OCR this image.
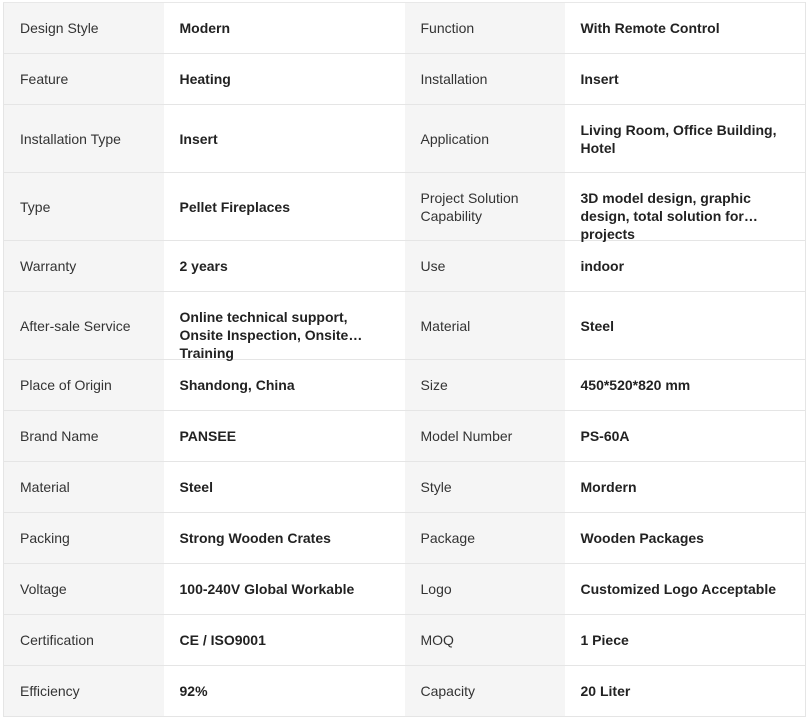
Design Style	Modern	Function	With Remote Control
Feature	Heating	Installation	Insert
Installation Type	Insert	Application	Living Room, Office Building, Hotel

Type	Pellet Fireplaces	Project Solution Capability	3D model design, graphic design, total solution for projects

Warranty	2 years	Use	indoor
After-sale Service	Online technical support, Onsite Inspection, Onsite Training	Material	Steel
Place of Origin	Shandong, China	Size	450*520*820 mm
Brand Name	PANSEE	Model Number	PS-60A
Material	Steel	Style	Mordern
Packing	Strong Wooden Crates	Package	Wooden Packages
Voltage	100-240V Global Workable	Logo	Customized Logo Acceptable
Certification	CE / ISO9001	MOQ	1 Piece
Efficiency	92%	Capacity	20 Liter
